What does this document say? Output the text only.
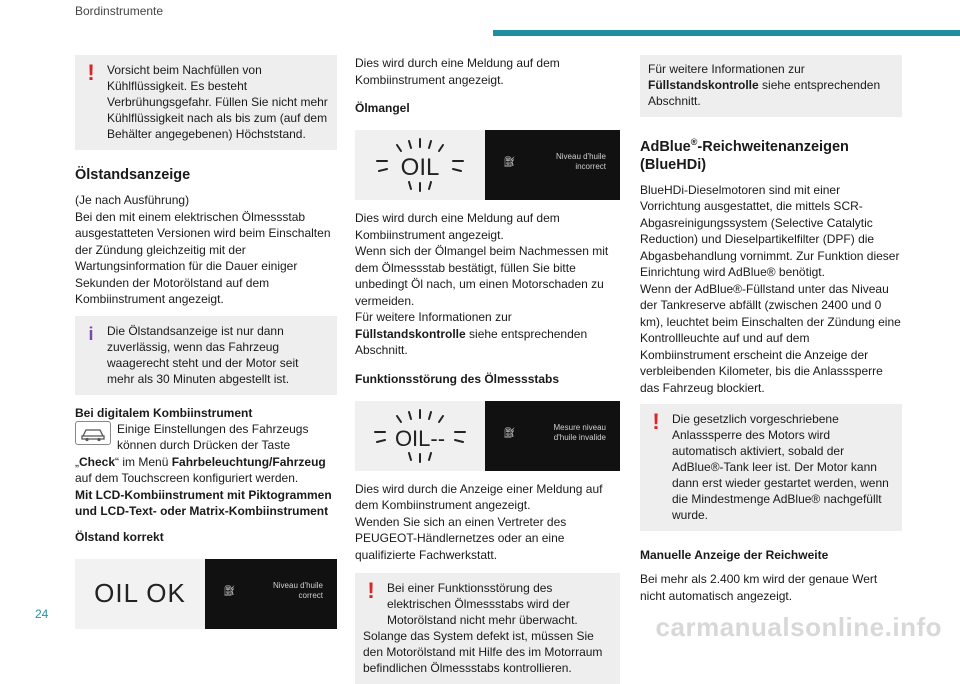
Bordinstrumente
!	Vorsicht beim Nachfüllen von Kühlflüssigkeit. Es besteht Verbrühungsgefahr. Füllen Sie nicht mehr Kühlflüssigkeit nach als bis zum (auf dem Behälter angegebenen) Höchststand.
Ölstandsanzeige

(Je nach Ausführung)

Bei den mit einem elektrischen Ölmessstab ausgestatteten Versionen wird beim Einschalten der Zündung gleichzeitig mit der Wartungsinformation für die Dauer einiger Sekunden der Motorölstand auf dem Kombiinstrument angezeigt.

i	Die Ölstandsanzeige ist nur dann zuverlässig, wenn das Fahrzeug waagerecht steht und der Motor seit mehr als 30 Minuten abgestellt ist.
Bei digitalem Kombiinstrument
Einige Einstellungen des Fahrzeugs können durch Drücken der Taste „Check“ im Menü Fahrbeleuchtung/Fahrzeug auf dem Touchscreen konfiguriert werden.
Mit LCD-Kombiinstrument mit Piktogrammen und LCD-Text- oder Matrix-Kombiinstrument
Ölstand korrekt
OIL OK	⛽︎
Niveau d'huile
correct

Dies wird durch eine Meldung auf dem Kombiinstrument angezeigt.

Ölmangel
OIL	⛽︎
Niveau d'huile
incorrect

Dies wird durch eine Meldung auf dem Kombiinstrument angezeigt.

Wenn sich der Ölmangel beim Nachmessen mit dem Ölmessstab bestätigt, füllen Sie bitte unbedingt Öl nach, um einen Motorschaden zu vermeiden.

Für weitere Informationen zur Füllstandskontrolle siehe entsprechenden Abschnitt.

Funktionsstörung des Ölmessstabs
OIL--	⛽︎
Mesure niveau
d'huile invalide

Dies wird durch die Anzeige einer Meldung auf dem Kombiinstrument angezeigt.

Wenden Sie sich an einen Vertreter des PEUGEOT-Händlernetzes oder an eine qualifizierte Fachwerkstatt.

!	Bei einer Funktionsstörung des elektrischen Ölmessstabs wird der Motorölstand nicht mehr überwacht.
Solange das System defekt ist, müssen Sie den Motorölstand mit Hilfe des im Motorraum befindlichen Ölmessstabs kontrollieren.
Für weitere Informationen zur Füllstandskontrolle siehe entsprechenden Abschnitt.
AdBlue®-Reichweitenanzeigen (BlueHDi)

BlueHDi-Dieselmotoren sind mit einer Vorrichtung ausgestattet, die mittels SCR-Abgasreinigungssystem (Selective Catalytic Reduction) und Dieselpartikelfilter (DPF) die Abgasbehandlung vornimmt. Zur Funktion dieser Einrichtung wird AdBlue® benötigt.

Wenn der AdBlue®-Füllstand unter das Niveau der Tankreserve abfällt (zwischen 2400 und 0 km), leuchtet beim Einschalten der Zündung eine Kontrollleuchte auf und auf dem Kombiinstrument erscheint die Anzeige der verbleibenden Kilometer, bis die Anlasssperre das Fahrzeug blockiert.

!	Die gesetzlich vorgeschriebene Anlasssperre des Motors wird automatisch aktiviert, sobald der AdBlue®-Tank leer ist. Der Motor kann dann erst wieder gestartet werden, wenn die Mindestmenge AdBlue® nachgefüllt wurde.
Manuelle Anzeige der Reichweite

Bei mehr als 2.400 km wird der genaue Wert nicht automatisch angezeigt.

24	carmanualsonline.info
